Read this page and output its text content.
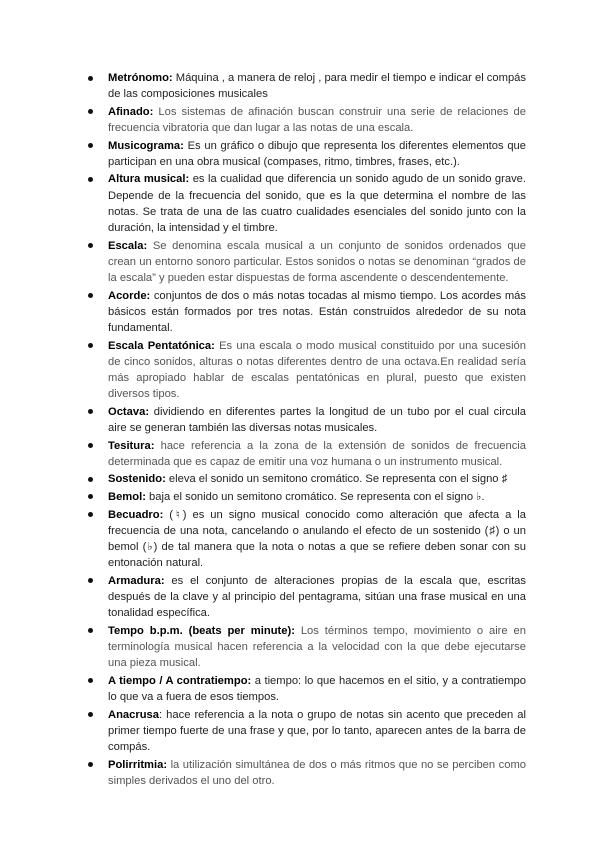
Metrónomo: Máquina , a manera de reloj , para medir el tiempo e indicar el compás de las composiciones musicales
Afinado: Los sistemas de afinación buscan construir una serie de relaciones de frecuencia vibratoria que dan lugar a las notas de una escala.
Musicograma: Es un gráfico o dibujo que representa los diferentes elementos que participan en una obra musical (compases, ritmo, timbres, frases, etc.).
Altura musical: es la cualidad que diferencia un sonido agudo de un sonido grave. Depende de la frecuencia del sonido, que es la que determina el nombre de las notas. Se trata de una de las cuatro cualidades esenciales del sonido junto con la duración, la intensidad y el timbre.
Escala: Se denomina escala musical a un conjunto de sonidos ordenados que crean un entorno sonoro particular. Estos sonidos o notas se denominan “grados de la escala” y pueden estar dispuestas de forma ascendente o descendentemente.
Acorde: conjuntos de dos o más notas tocadas al mismo tiempo. Los acordes más básicos están formados por tres notas. Están construidos alrededor de su nota fundamental.
Escala Pentatónica: Es una escala o modo musical constituido por una sucesión de cinco sonidos, alturas o notas diferentes dentro de una octava.En realidad sería más apropiado hablar de escalas pentatónicas en plural, puesto que existen diversos tipos.
Octava: dividiendo en diferentes partes la longitud de un tubo por el cual circula aire se generan también las diversas notas musicales.
Tesitura: hace referencia a la zona de la extensión de sonidos de frecuencia determinada que es capaz de emitir una voz humana o un instrumento musical.
Sostenido: eleva el sonido un semitono cromático. Se representa con el signo ♯
Bemol: baja el sonido un semitono cromático. Se representa con el signo ♭.
Becuadro: (♮) es un signo musical conocido como alteración que afecta a la frecuencia de una nota, cancelando o anulando el efecto de un sostenido (♯) o un bemol (♭) de tal manera que la nota o notas a que se refiere deben sonar con su entonación natural.
Armadura: es el conjunto de alteraciones propias de la escala que, escritas después de la clave y al principio del pentagrama, sitúan una frase musical en una tonalidad específica.
Tempo b.p.m. (beats per minute): Los términos tempo, movimiento o aire en terminología musical hacen referencia a la velocidad con la que debe ejecutarse una pieza musical.
A tiempo / A contratiempo: a tiempo: lo que hacemos en el sitio, y a contratiempo lo que va a fuera de esos tiempos.
Anacrusa: hace referencia a la nota o grupo de notas sin acento que preceden al primer tiempo fuerte de una frase y que, por lo tanto, aparecen antes de la barra de compás.
Polirritmia: la utilización simultánea de dos o más ritmos que no se perciben como simples derivados el uno del otro.
